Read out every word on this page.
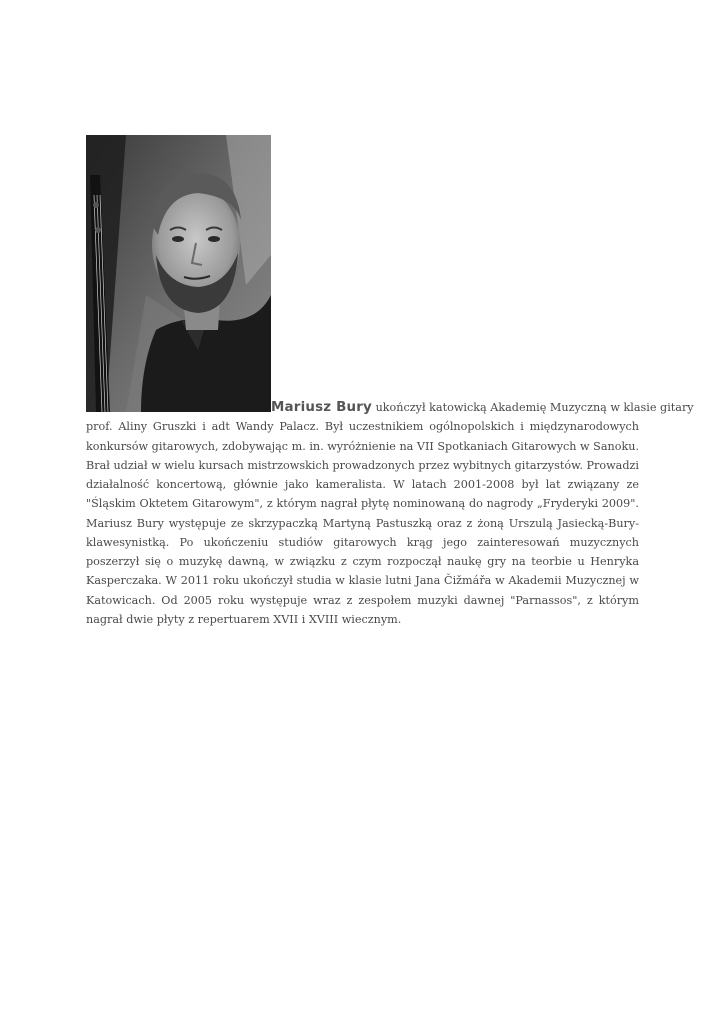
Mariusz Bury ukończył katowicką Akademię Muzyczną w klasie gitary
prof. Aliny Gruszki i adt Wandy Palacz. Był uczestnikiem ogólnopolskich i międzynarodowych konkursów gitarowych, zdobywając m. in. wyróżnienie na VII Spotkaniach Gitarowych w Sanoku. Brał udział w wielu kursach mistrzowskich prowadzonych przez wybitnych gitarzystów. Prowadzi działalność koncertową, głównie jako kameralista. W latach 2001-2008 był lat związany ze "Śląskim Oktetem Gitarowym", z którym nagrał płytę nominowaną do nagrody „Fryderyki 2009". Mariusz Bury występuje ze skrzypaczką Martyną Pastuszką oraz z żoną Urszulą Jasiecką-Bury- klawesynistką. Po ukończeniu studiów gitarowych krąg jego zainteresowań muzycznych poszerzył się o muzykę dawną, w związku z czym rozpoczął naukę gry na teorbie u Henryka Kasperczaka. W 2011 roku ukończył studia w klasie lutni Jana Čižmářa w Akademii Muzycznej w Katowicach. Od 2005 roku występuje wraz z zespołem muzyki dawnej "Parnassos", z którym nagrał dwie płyty z repertuarem XVII i XVIII wiecznym.
